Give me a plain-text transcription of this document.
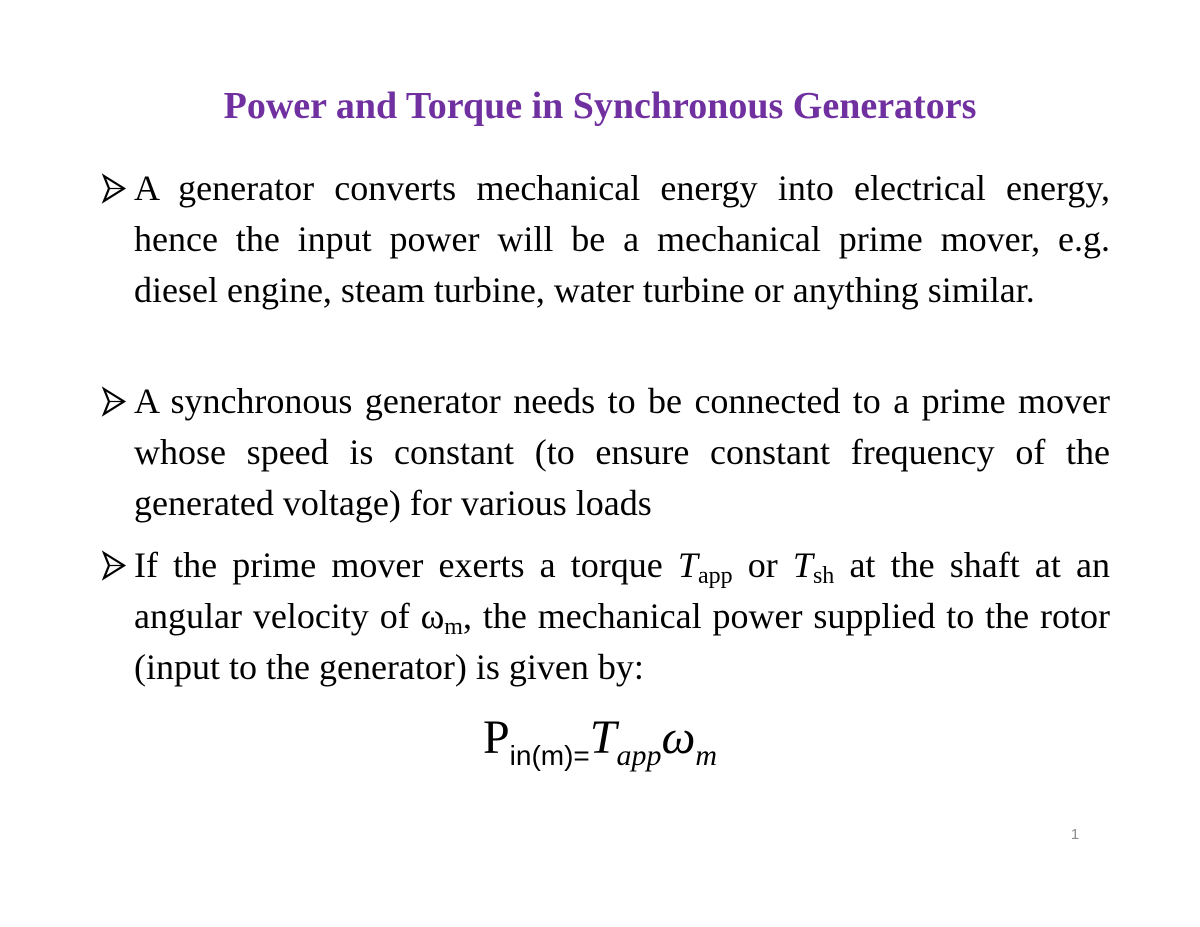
Power and Torque in Synchronous Generators
A generator converts mechanical energy into electrical energy, hence the input power will be a mechanical prime mover, e.g. diesel engine, steam turbine, water turbine or anything similar.
A synchronous generator needs to be connected to a prime mover whose speed is constant (to ensure constant frequency of the generated voltage) for various loads
If the prime mover exerts a torque $T_{app}$ or $T_{sh}$ at the shaft at an angular velocity of $\omega_m$, the mechanical power supplied to the rotor (input to the generator) is given by:
$P_{in(m)=}T_{app}\omega_m$
1
